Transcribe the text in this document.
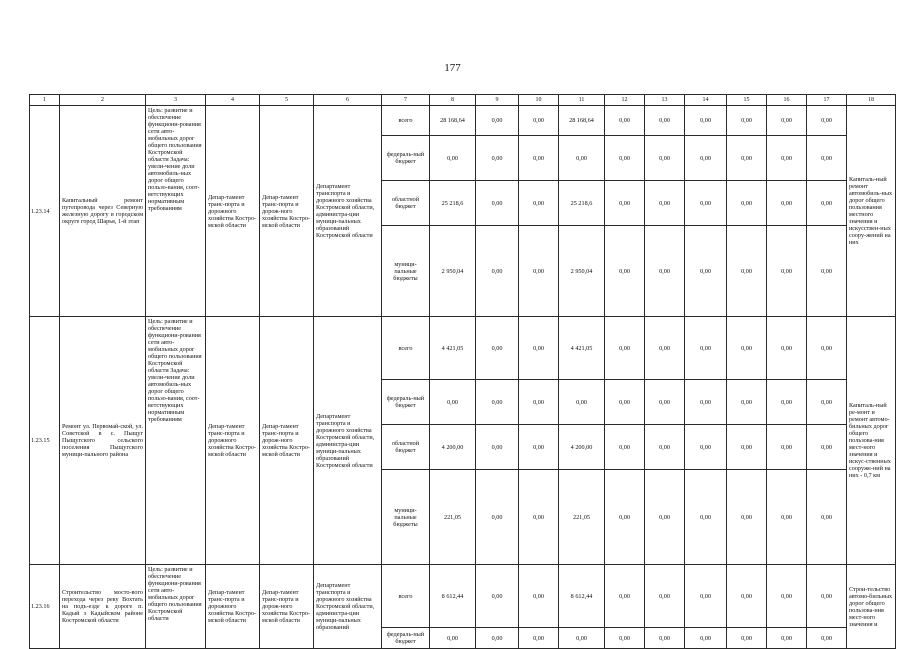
177
1	2	3	4	5	6	7	8	9	10	11	12	13	14	15	16	17	18
1.23.14	Капитальный ремонт путепровода через Северную железную дорогу в городском округе город Шарья, 1-й этап	Цель: развитие и обеспечение функциони-рования сети авто-мобильных дорог общего пользования Костромской области Задача: увели-чение доли автомобиль-ных дорог общего пользо-вания, соот-ветствующих нормативным требованиям	Депар-тамент транс-порта и дорожного хозяйства Костро-мской области	Депар-тамент транс-порта и дорож-ного хозяйства Костро-мской области	Департамент транспорта и дорожного хозяйства Костромской области, администра-ции муници-пальных образований Костромской области	всего	28 168,64	0,00	0,00	28 168,64	0,00	0,00	0,00	0,00	0,00	0,00	Капиталь-ный ремонт автомобиль-ных дорог общего пользования местного значения и искусствен-ных соору-жений на них
						федераль-ный бюджет	0,00	0,00	0,00	0,00	0,00	0,00	0,00	0,00	0,00	0,00	
						областной бюджет	25 218,6	0,00	0,00	25 218,6	0,00	0,00	0,00	0,00	0,00	0,00	
						муници-пальные бюджеты	2 950,04	0,00	0,00	2 950,04	0,00	0,00	0,00	0,00	0,00	0,00	
1.23.15	Ремонт ул. Первомай-ской, ул. Советской в с. Пыщуг Пыщугского сельского поселения Пыщугского муници-пального района	Цель: развитие и обеспечение функциони-рования сети авто-мобильных дорог общего пользования Костромской области Задача: увели-чение доли автомобиль-ных дорог общего пользо-вания, соот-ветствующих нормативным требованиям	Депар-тамент транс-порта и дорожного хозяйства Костро-мской области	Депар-тамент транс-порта и дорож-ного хозяйства Костро-мской области	Департамент транспорта и дорожного хозяйства Костромской области, администра-ции муници-пальных образований Костромской области	всего	4 421,05	0,00	0,00	4 421,05	0,00	0,00	0,00	0,00	0,00	0,00	Капиталь-ный ре-монт и ремонт автомо-бильных дорог общего пользова-ния мест-ного значения и искус-ственных сооруже-ний на них - 0,7 км
						федераль-ный бюджет	0,00	0,00	0,00	0,00	0,00	0,00	0,00	0,00	0,00	0,00	
						областной бюджет	4 200,00	0,00	0,00	4 200,00	0,00	0,00	0,00	0,00	0,00	0,00	
						муници-пальные бюджеты	221,05	0,00	0,00	221,05	0,00	0,00	0,00	0,00	0,00	0,00	
1.23.16	Строительство мосто-вого перехода через реку Вохтать на подъ-езде к дороге п. Кадый з Кадыйском районе Костромской области	Цель: развитие и обеспечение функциони-рования сети авто-мобильных дорог общего пользования Костромской области	Депар-тамент транс-порта и дорожного хозяйства Костро-мской области	Депар-тамент транс-порта и дорож-ного хозяйства Костро-мской области	Департамент транспорта и дорожного хозяйства Костромской области, администра-ции муници-пальных образований	всего	8 612,44	0,00	0,00	8 612,44	0,00	0,00	0,00	0,00	0,00	0,00	Строи-тельство автомо-бильных дорог общего пользова-ния мест-ного значения и
						федераль-ный бюджет	0,00	0,00	0,00	0,00	0,00	0,00	0,00	0,00	0,00	0,00	
